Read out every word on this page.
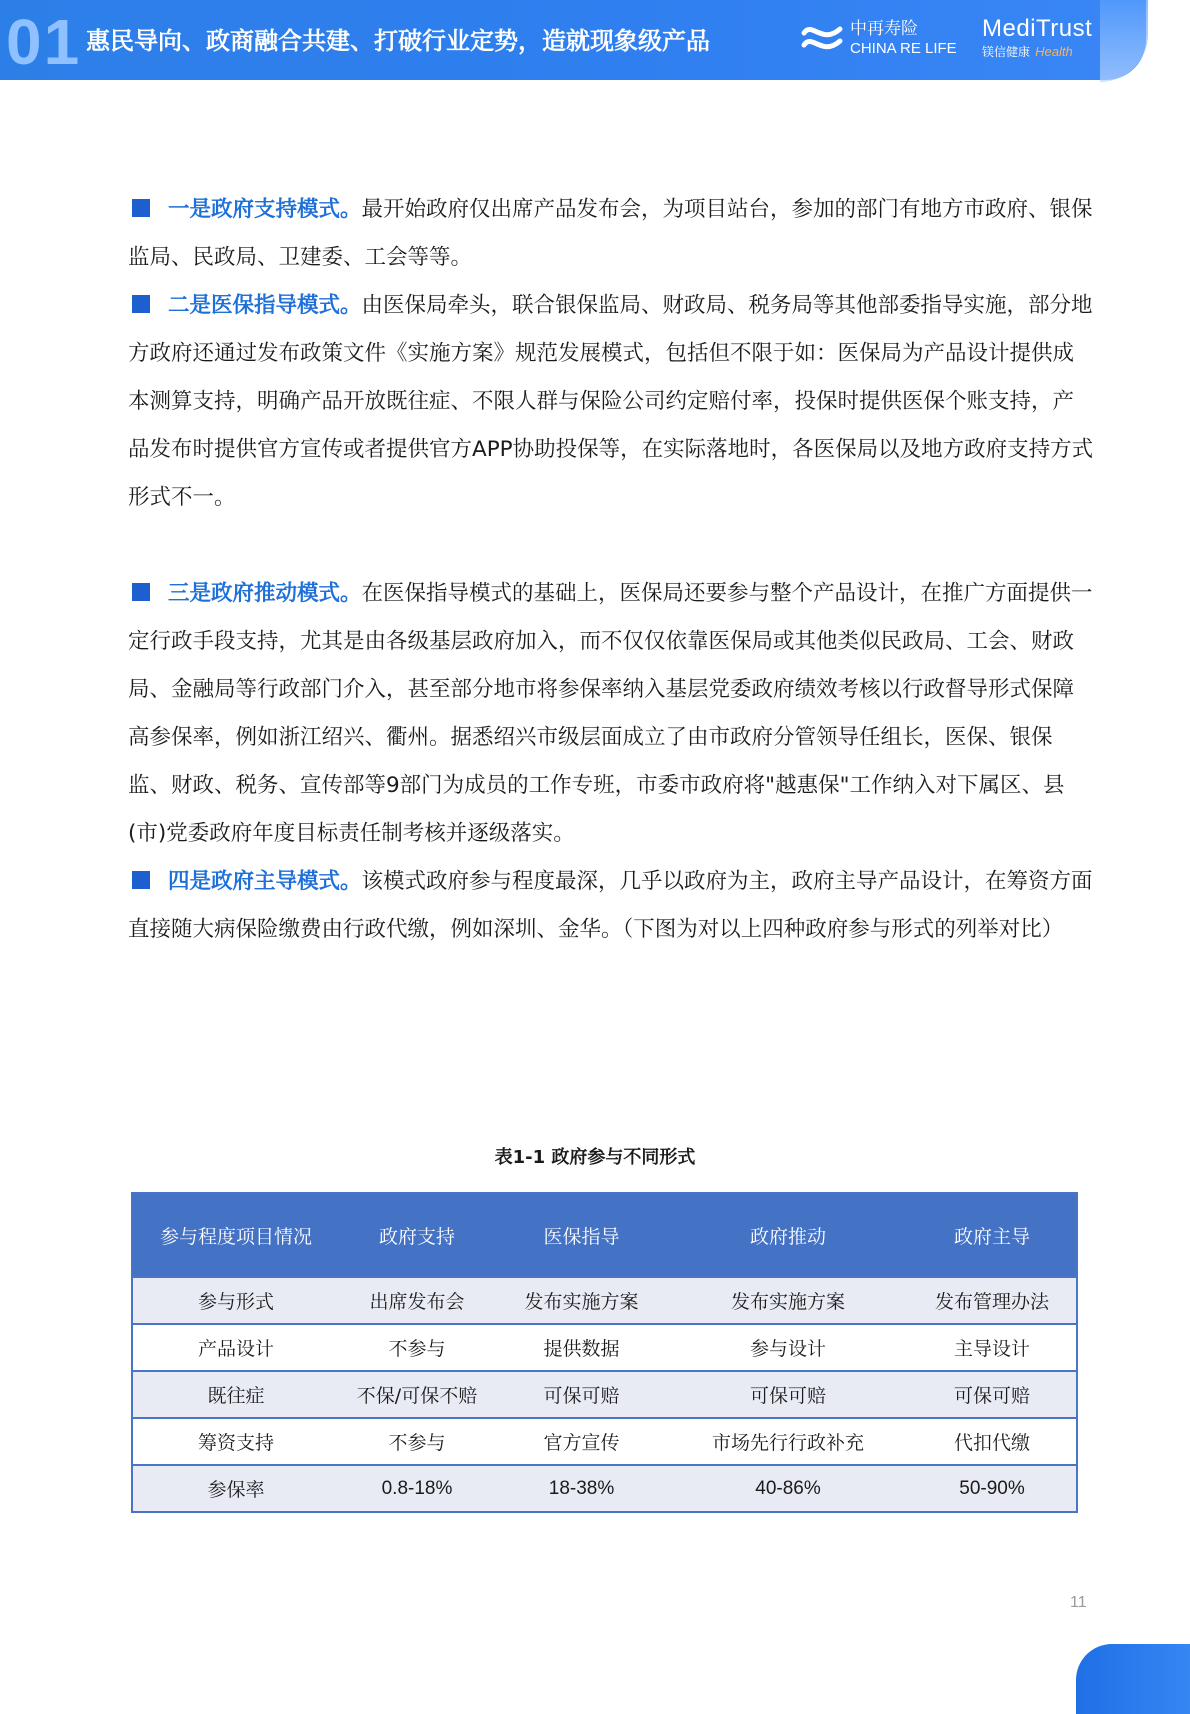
01 惠民导向、政商融合共建、打破行业定势，造就现象级产品	中再寿险
CHINA RE LIFE
MediTrust
镁信健康 Health

一是政府支持模式。最开始政府仅出席产品发布会，为项目站台，参加的部门有地方市政府、银保监局、民政局、卫建委、工会等等。

二是医保指导模式。由医保局牵头，联合银保监局、财政局、税务局等其他部委指导实施，部分地方政府还通过发布政策文件《实施方案》规范发展模式，包括但不限于如：医保局为产品设计提供成本测算支持，明确产品开放既往症、不限人群与保险公司约定赔付率，投保时提供医保个账支持，产品发布时提供官方宣传或者提供官方APP协助投保等，在实际落地时，各医保局以及地方政府支持方式形式不一。

三是政府推动模式。在医保指导模式的基础上，医保局还要参与整个产品设计，在推广方面提供一定行政手段支持，尤其是由各级基层政府加入，而不仅仅依靠医保局或其他类似民政局、工会、财政局、金融局等行政部门介入，甚至部分地市将参保率纳入基层党委政府绩效考核以行政督导形式保障高参保率，例如浙江绍兴、衢州。据悉绍兴市级层面成立了由市政府分管领导任组长，医保、银保监、财政、税务、宣传部等9部门为成员的工作专班，市委市政府将"越惠保"工作纳入对下属区、县(市)党委政府年度目标责任制考核并逐级落实。

四是政府主导模式。该模式政府参与程度最深，几乎以政府为主，政府主导产品设计，在筹资方面直接随大病保险缴费由行政代缴，例如深圳、金华。（下图为对以上四种政府参与形式的列举对比）

表1-1 政府参与不同形式
参与程度项目情况	政府支持	医保指导	政府推动	政府主导
参与形式	出席发布会	发布实施方案	发布实施方案	发布管理办法
产品设计	不参与	提供数据	参与设计	主导设计
既往症	不保/可保不赔	可保可赔	可保可赔	可保可赔
筹资支持	不参与	官方宣传	市场先行行政补充	代扣代缴
参保率	0.8-18%	18-38%	40-86%	50-90%
11
